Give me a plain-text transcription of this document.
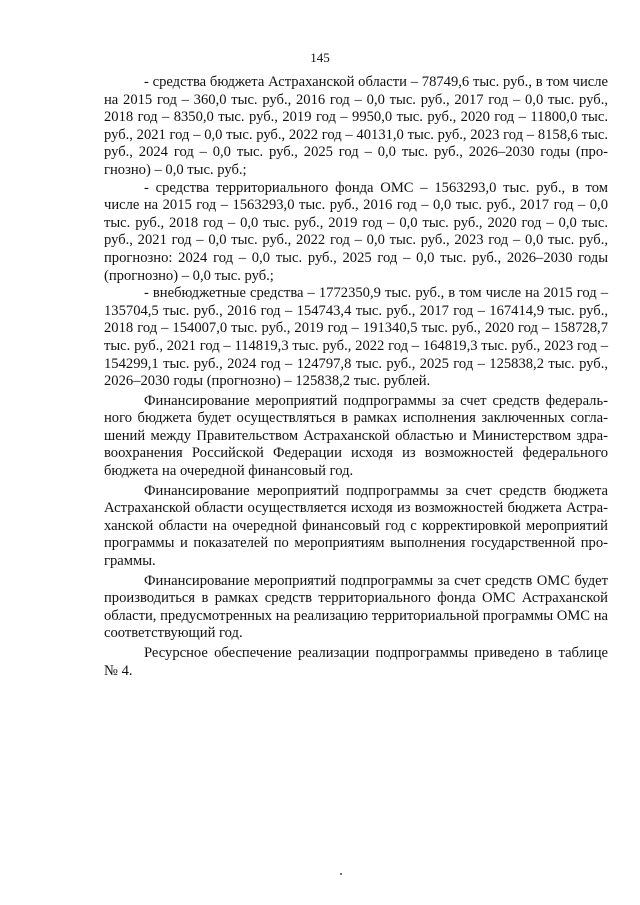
145

- средства бюджета Астраханской области – 78749,6 тыс. руб., в том числе на 2015 год – 360,0 тыс. руб., 2016 год – 0,0 тыс. руб., 2017 год – 0,0 тыс. руб., 2018 год – 8350,0 тыс. руб., 2019 год – 9950,0 тыс. руб., 2020 год – 11800,0 тыс. руб., 2021 год – 0,0 тыс. руб., 2022 год – 40131,0 тыс. руб., 2023 год – 8158,6 тыс. руб., 2024 год – 0,0 тыс. руб., 2025 год – 0,0 тыс. руб., 2026–2030 годы (прогнозно) – 0,0 тыс. руб.;

- средства территориального фонда ОМС – 1563293,0 тыс. руб., в том числе на 2015 год – 1563293,0 тыс. руб., 2016 год – 0,0 тыс. руб., 2017 год – 0,0 тыс. руб., 2018 год – 0,0 тыс. руб., 2019 год – 0,0 тыс. руб., 2020 год – 0,0 тыс. руб., 2021 год – 0,0 тыс. руб., 2022 год – 0,0 тыс. руб., 2023 год – 0,0 тыс. руб., прогнозно: 2024 год – 0,0 тыс. руб., 2025 год – 0,0 тыс. руб., 2026–2030 годы (прогнозно) – 0,0 тыс. руб.;

- внебюджетные средства – 1772350,9 тыс. руб., в том числе на 2015 год – 135704,5 тыс. руб., 2016 год – 154743,4 тыс. руб., 2017 год – 167414,9 тыс. руб., 2018 год – 154007,0 тыс. руб., 2019 год – 191340,5 тыс. руб., 2020 год – 158728,7 тыс. руб., 2021 год – 114819,3 тыс. руб., 2022 год – 164819,3 тыс. руб., 2023 год – 154299,1 тыс. руб., 2024 год – 124797,8 тыс. руб., 2025 год – 125838,2 тыс. руб., 2026–2030 годы (прогнозно) – 125838,2 тыс. рублей.

Финансирование мероприятий подпрограммы за счет средств федерального бюджета будет осуществляться в рамках исполнения заключенных соглашений между Правительством Астраханской областью и Министерством здравоохранения Российской Федерации исходя из возможностей федерального бюджета на очередной финансовый год.

Финансирование мероприятий подпрограммы за счет средств бюджета Астраханской области осуществляется исходя из возможностей бюджета Астраханской области на очередной финансовый год с корректировкой мероприятий программы и показателей по мероприятиям выполнения государственной программы.

Финансирование мероприятий подпрограммы за счет средств ОМС будет производиться в рамках средств территориального фонда ОМС Астраханской области, предусмотренных на реализацию территориальной программы ОМС на соответствующий год.

Ресурсное обеспечение реализации подпрограммы приведено в таблице № 4.
